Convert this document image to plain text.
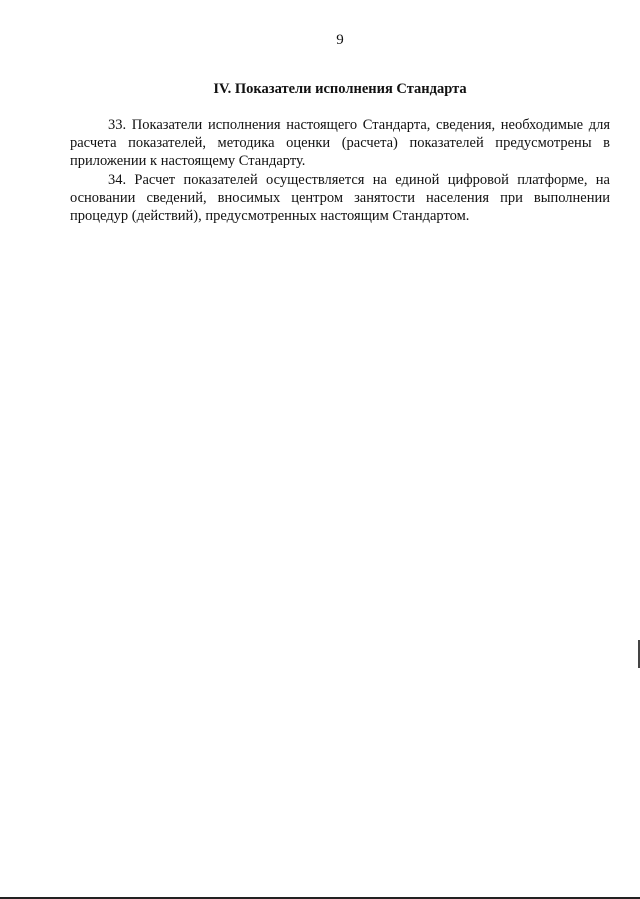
9
IV. Показатели исполнения Стандарта

33. Показатели исполнения настоящего Стандарта, сведения, необходимые для расчета показателей, методика оценки (расчета) показателей предусмотрены в приложении к настоящему Стандарту.

34. Расчет показателей осуществляется на единой цифровой платформе, на основании сведений, вносимых центром занятости населения при выполнении процедур (действий), предусмотренных настоящим Стандартом.
